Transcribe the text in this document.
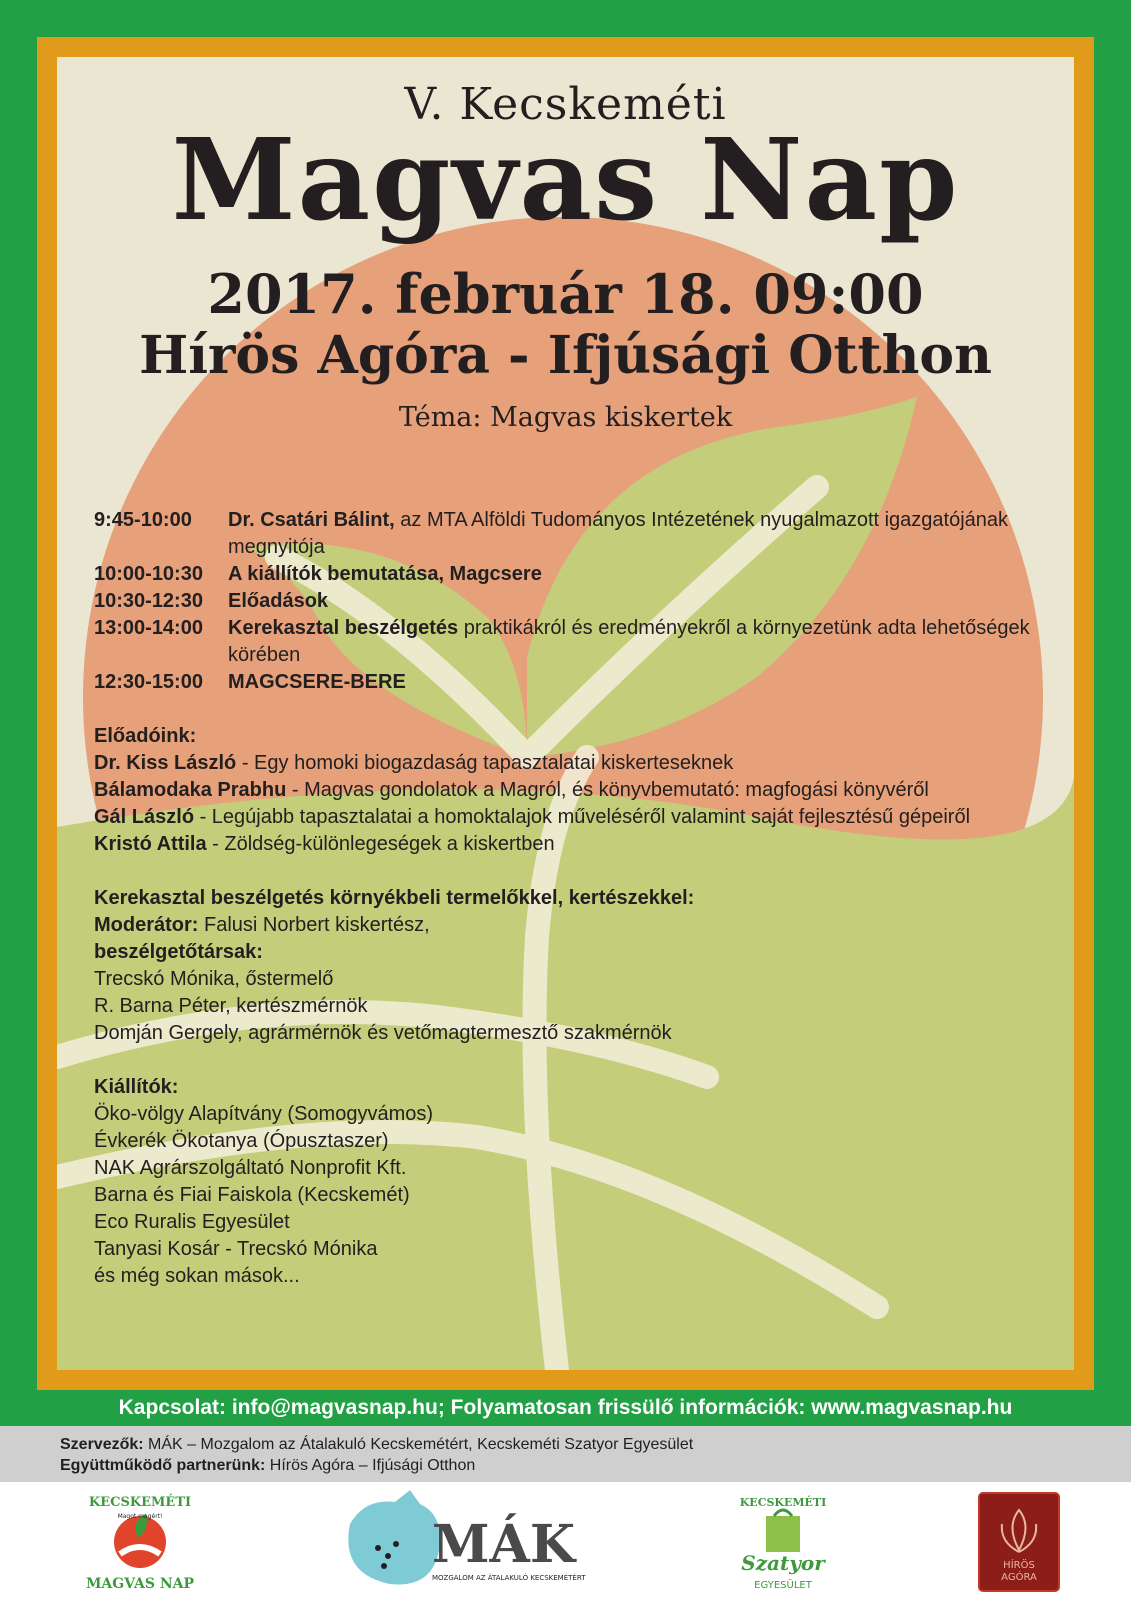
V. Kecskeméti
Magvas Nap
2017. február 18. 09:00
Hírös Agóra - Ifjúsági Otthon
Téma: Magvas kiskertek
9:45-10:00	Dr. Csatári Bálint, az MTA Alföldi Tudományos Intézetének nyugalmazott igazgatójának megnyitója
10:00-10:30	A kiállítók bemutatása, Magcsere
10:30-12:30	Előadások
13:00-14:00	Kerekasztal beszélgetés praktikákról és eredményekről a környezetünk adta lehetőségek körében
12:30-15:00	MAGCSERE-BERE
Előadóink:
Dr. Kiss László - Egy homoki biogazdaság tapasztalatai kiskerteseknek
Bálamodaka Prabhu - Magvas gondolatok a Magról, és könyvbemutató: magfogási könyvéről
Gál László - Legújabb tapasztalatai a homoktalajok műveléséről valamint saját fejlesztésű gépeiről
Kristó Attila - Zöldség-különlegeségek a kiskertben
Kerekasztal beszélgetés környékbeli termelőkkel, kertészekkel:
Moderátor: Falusi Norbert kiskertész,
beszélgetőtársak:
Trecskó Mónika, őstermelő
R. Barna Péter, kertészmérnök
Domján Gergely, agrármérnök és vetőmagtermesztő szakmérnök
Kiállítók:
Öko-völgy Alapítvány (Somogyvámos)
Évkerék Ökotanya (Ópusztaszer)
NAK Agrárszolgáltató Nonprofit Kft.
Barna és Fiai Faiskola (Kecskemét)
Eco Ruralis Egyesület
Tanyasi Kosár - Trecskó Mónika
és még sokan mások...
Kapcsolat: info@magvasnap.hu; Folyamatosan frissülő információk: www.magvasnap.hu
Szervezők: MÁK – Mozgalom az Átalakuló Kecskemétért, Kecskeméti Szatyor Egyesület
Együttműködő partnerünk: Hírös Agóra – Ifjúsági Otthon
KECSKEMÉTI
Magot magért!
MAGVAS NAP
MÁK
MOZGALOM AZ ÁTALAKULÓ KECSKEMÉTÉRT
KECSKEMÉTI
Szatyor
EGYESÜLET
HÍRÖS
AGÓRA
